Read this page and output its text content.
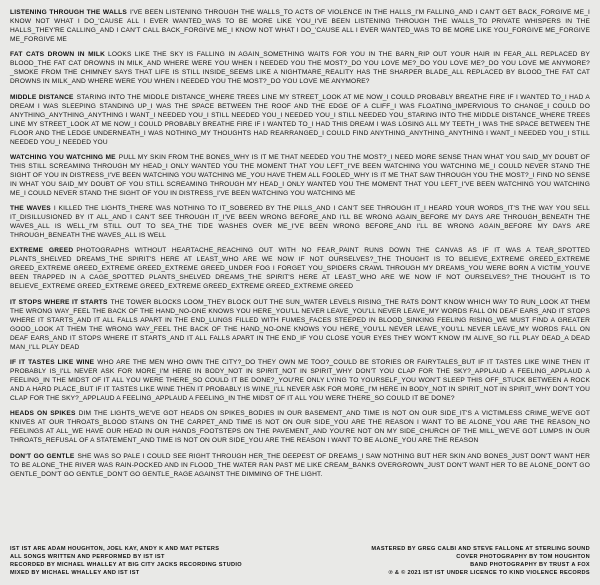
LISTENING THROUGH THE WALLS I'VE BEEN LISTENING THROUGH THE WALLS_TO ACTS OF VIOLENCE IN THE HALLS_I'M FALLING_AND I CAN'T GET BACK_FORGIVE ME_I KNOW NOT WHAT I DO_'CAUSE ALL I EVER WANTED_WAS TO BE MORE LIKE YOU_I'VE BEEN LISTENING THROUGH THE WALLS_TO PRIVATE WHISPERS IN THE HALLS_THEY'RE CALLING_AND I CAN'T CALL BACK_FORGIVE ME_I KNOW NOT WHAT I DO_'CAUSE ALL I EVER WANTED_WAS TO BE MORE LIKE YOU_FORGIVE ME_FORGIVE ME_FORGIVE ME

FAT CATS DROWN IN MILK LOOKS LIKE THE SKY IS FALLING IN AGAIN_SOMETHING WAITS FOR YOU IN THE BARN_RIP OUT YOUR HAIR IN FEAR_ALL REPLACED BY BLOOD_THE FAT CAT DROWNS IN MILK_AND WHERE WERE YOU WHEN I NEEDED YOU THE MOST?_DO YOU LOVE ME?_DO YOU LOVE ME?_DO YOU LOVE ME ANYMORE?_SMOKE FROM THE CHIMNEY SAYS THAT LIFE IS STILL INSIDE_SEEMS LIKE A NIGHTMARE_REALITY HAS THE SHARPER BLADE_ALL REPLACED BY BLOOD_THE FAT CAT DROWNS IN MILK_AND WHERE WERE YOU WHEN I NEEDED YOU THE MOST?_DO YOU LOVE ME ANYMORE?

MIDDLE DISTANCE STARING INTO THE MIDDLE DISTANCE_WHERE TREES LINE MY STREET_LOOK AT ME NOW_I COULD PROBABLY BREATHE FIRE IF I WANTED TO_I HAD A DREAM I WAS SLEEPING STANDING UP_I WAS THE SPACE BETWEEN THE ROOF AND THE EDGE OF A CLIFF_I WAS FLOATING_IMPERVIOUS TO CHANGE_I COULD DO ANYTHING_ANYTHING_ANYTHING I WANT_I NEEDED YOU_I STILL NEEDED YOU_I NEEDED YOU_I STILL NEEDED YOU_STARING INTO THE MIDDLE DISTANCE_WHERE TREES LINE MY STREET_LOOK AT ME NOW_I COULD PROBABLY BREATHE FIRE IF I WANTED TO_I HAD THIS DREAM I WAS LOSING ALL MY TEETH_I WAS THE SPACE BETWEEN THE FLOOR AND THE LEDGE UNDERNEATH_I WAS NOTHING_MY THOUGHTS HAD REARRANGED_I COULD FIND ANYTHING_ANYTHING_ANYTHING I WANT_I NEEDED YOU_I STILL NEEDED YOU_I NEEDED YOU

WATCHING YOU WATCHING ME PULL MY SKIN FROM THE BONES_WHY IS IT ME THAT NEEDED YOU THE MOST?_I NEED MORE SENSE THAN WHAT YOU SAID_MY DOUBT OF THIS STILL SCREAMING THROUGH MY HEAD_I ONLY WANTED YOU THE MOMENT THAT YOU LEFT_I'VE BEEN WATCHING YOU WATCHING ME_I COULD NEVER STAND THE SIGHT OF YOU IN DISTRESS_I'VE BEEN WATCHING YOU WATCHING ME_YOU HAVE THEM ALL FOOLED_WHY IS IT ME THAT SAW THROUGH YOU THE MOST?_I FIND NO SENSE IN WHAT YOU SAID_MY DOUBT OF YOU STILL SCREAMING THROUGH MY HEAD_I ONLY WANTED YOU THE MOMENT THAT YOU LEFT_I'VE BEEN WATCHING YOU WATCHING ME_I COULD NEVER STAND THE SIGHT OF YOU IN DISTRESS_I'VE BEEN WATCHING YOU WATCHING ME

THE WAVES I KILLED THE LIGHTS_THERE WAS NOTHING TO IT_SOBERED BY THE PILLS_AND I CAN'T SEE THROUGH IT_I HEARD YOUR WORDS_IT'S THE WAY YOU SELL IT_DISILLUSIONED BY IT ALL_AND I CAN'T SEE THROUGH IT_I'VE BEEN WRONG BEFORE_AND I'LL BE WRONG AGAIN_BEFORE MY DAYS ARE THROUGH_BENEATH THE WAVES_ALL IS WELL_I'M STILL OUT TO SEA_THE TIDE WASHES OVER ME_I'VE BEEN WRONG BEFORE_AND I'LL BE WRONG AGAIN_BEFORE MY DAYS ARE THROUGH_BENEATH THE WAVES_ALL IS WELL

EXTREME GREED PHOTOGRAPHS WITHOUT HEARTACHE_REACHING OUT WITH NO FEAR_PAINT RUNS DOWN THE CANVAS AS IF IT WAS A TEAR_SPOTTED PLANTS_SHELVED DREAMS_THE SPIRIT'S HERE AT LEAST_WHO ARE WE NOW IF NOT OURSELVES?_THE THOUGHT IS TO BELIEVE_EXTREME GREED_EXTREME GREED_EXTREME GREED_EXTREME GREED_EXTREME GREED_UNDER FOG I FORGET YOU_SPIDERS CRAWL THROUGH MY DREAMS_YOU WERE BORN A VICTIM_YOU'VE BEEN TRAPPED IN A CAGE_SPOTTED PLANTS_SHELVED DREAMS_THE SPIRIT'S HERE AT LEAST_WHO ARE WE NOW IF NOT OURSELVES?_THE THOUGHT IS TO BELIEVE_EXTREME GREED_EXTREME GREED_EXTREME GREED_EXTREME GREED_EXTREME GREED

IT STOPS WHERE IT STARTS THE TOWER BLOCKS LOOM_THEY BLOCK OUT THE SUN_WATER LEVELS RISING_THE RATS DON'T KNOW WHICH WAY TO RUN_LOOK AT THEM THE WRONG WAY_FEEL THE BACK OF THE HAND_NO-ONE KNOWS YOU HERE_YOU'LL NEVER LEAVE_YOU'LL NEVER LEAVE_MY WORDS FALL ON DEAF EARS_AND IT STOPS WHERE IT STARTS_AND IT ALL FALLS APART IN THE END_LUNGS FILLED WITH FUMES_FACES STEEPED IN BLOOD_SINKING FEELING RISING_WE MUST FIND A GREATER GOOD_LOOK AT THEM THE WRONG WAY_FEEL THE BACK OF THE HAND_NO-ONE KNOWS YOU HERE_YOU'LL NEVER LEAVE_YOU'LL NEVER LEAVE_MY WORDS FALL ON DEAF EARS_AND IT STOPS WHERE IT STARTS_AND IT ALL FALLS APART IN THE END_IF YOU CLOSE YOUR EYES THEY WON'T KNOW I'M ALIVE_SO I'LL PLAY DEAD_A DEAD MAN_I'LL PLAY DEAD

IF IT TASTES LIKE WINE WHO ARE THE MEN WHO OWN THE CITY?_DO THEY OWN ME TOO?_COULD BE STORIES OR FAIRYTALES_BUT IF IT TASTES LIKE WINE THEN IT PROBABLY IS_I'LL NEVER ASK FOR MORE_I'M HERE IN BODY_NOT IN SPIRIT_NOT IN SPIRIT_WHY DON'T YOU CLAP FOR THE SKY?_APPLAUD A FEELING_APPLAUD A FEELING_IN THE MIDST OF IT ALL YOU WERE THERE_SO COULD IT BE DONE?_YOU'RE ONLY LYING TO YOURSELF_YOU WON'T SLEEP THIS OFF_STUCK BETWEEN A ROCK AND A HARD PLACE_BUT IF IT TASTES LIKE WINE THEN IT PROBABLY IS WINE_I'LL NEVER ASK FOR MORE_I'M HERE IN BODY_NOT IN SPIRIT_NOT IN SPIRIT_WHY DON'T YOU CLAP FOR THE SKY?_APPLAUD A FEELING_APPLAUD A FEELING_IN THE MIDST OF IT ALL YOU WERE THERE_SO COULD IT BE DONE?

HEADS ON SPIKES DIM THE LIGHTS_WE'VE GOT HEADS ON SPIKES_BODIES IN OUR BASEMENT_AND TIME IS NOT ON OUR SIDE_IT'S A VICTIMLESS CRIME_WE'VE GOT KNIVES AT OUR THROATS_BLOOD STAINS ON THE CARPET_AND TIME IS NOT ON OUR SIDE_YOU ARE THE REASON I WANT TO BE ALONE_YOU ARE THE REASON_NO FEELINGS AT ALL_WE HAVE OUR HEAD IN OUR HANDS_FOOTSTEPS ON THE PAVEMENT_AND YOU'RE NOT ON MY SIDE_CHURCH OF THE MILL_WE'VE GOT LUMPS IN OUR THROATS_REFUSAL OF A STATEMENT_AND TIME IS NOT ON OUR SIDE_YOU ARE THE REASON I WANT TO BE ALONE_YOU ARE THE REASON

DON'T GO GENTLE SHE WAS SO PALE I COULD SEE RIGHT THROUGH HER_THE DEEPEST OF DREAMS_I SAW NOTHING BUT HER SKIN AND BONES_JUST DON'T WANT HER TO BE ALONE_THE RIVER WAS RAIN-POCKED AND IN FLOOD_THE WATER RAN PAST ME LIKE CREAM_BANKS OVERGROWN_JUST DON'T WANT HER TO BE ALONE_DON'T GO GENTLE_DON'T GO GENTLE_DON'T GO GENTLE_RAGE AGAINST THE DIMMING OF THE LIGHT.

IST IST ARE ADAM HOUGHTON, JOEL KAY, ANDY K AND MAT PETERS
ALL SONGS WRITTEN AND PERFORMED BY IST IST
RECORDED BY MICHAEL WHALLEY AT BIG CITY JACKS RECORDING STUDIO
MIXED BY MICHAEL WHALLEY AND IST IST
MASTERED BY GREG CALBI AND STEVE FALLONE AT STERLING SOUND
COVER PHOTOGRAPHY BY TOM HOUGHTON
BAND PHOTOGRAPHY BY TRUST A FOX
℗ & © 2021 IST IST UNDER LICENCE TO KIND VIOLENCE RECORDS
